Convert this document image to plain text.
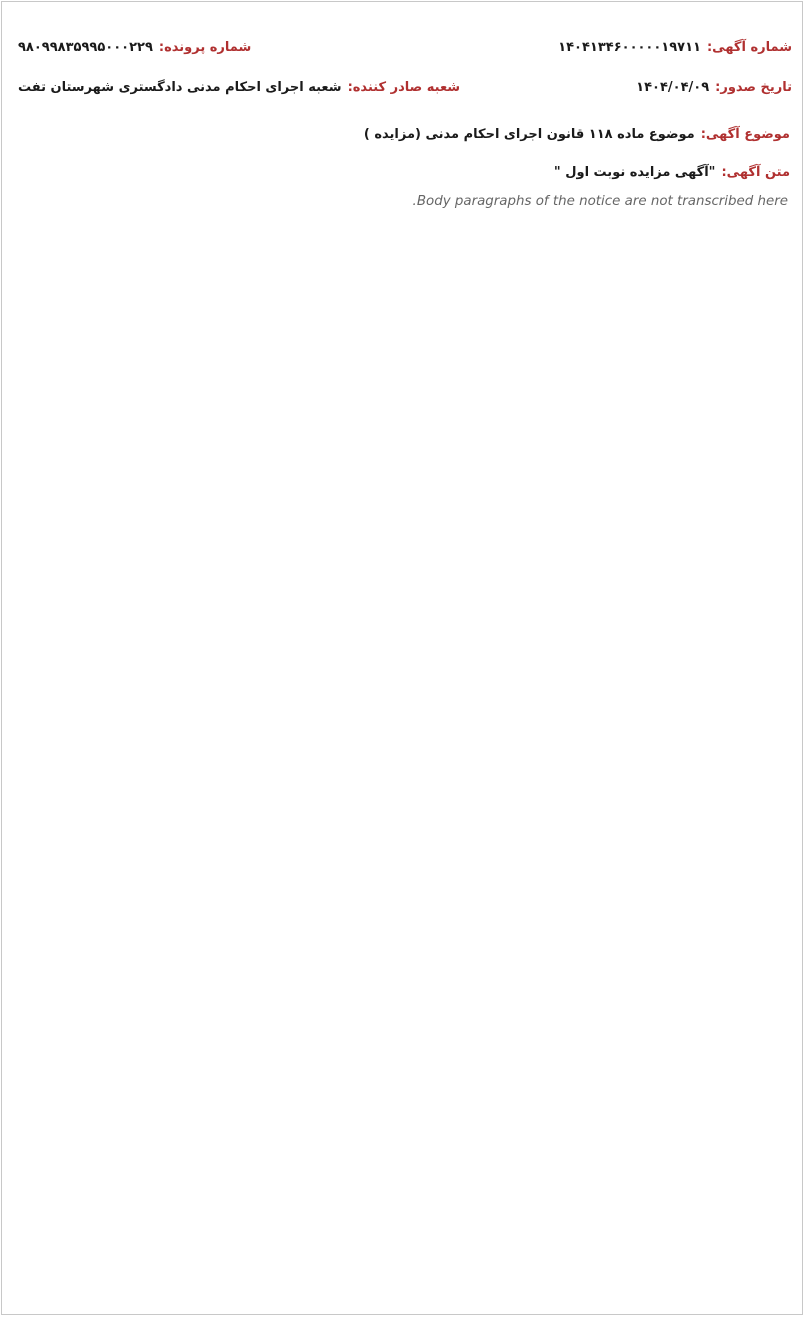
شماره آگهی:
۱۴۰۴۱۳۴۶۰۰۰۰۰۱۹۷۱۱
شماره پرونده:
۹۸۰۹۹۸۳۵۹۹۵۰۰۰۲۲۹
تاریخ صدور:
۱۴۰۴/۰۴/۰۹
شعبه صادر کننده:
شعبه اجرای احکام مدنی دادگستری شهرستان تفت
موضوع آگهی:
موضوع ماده ۱۱۸ قانون اجرای احکام مدنی (مزایده )
متن آگهی:
"آگهی مزایده نوبت اول "

Body paragraphs of the notice are not transcribed here.
